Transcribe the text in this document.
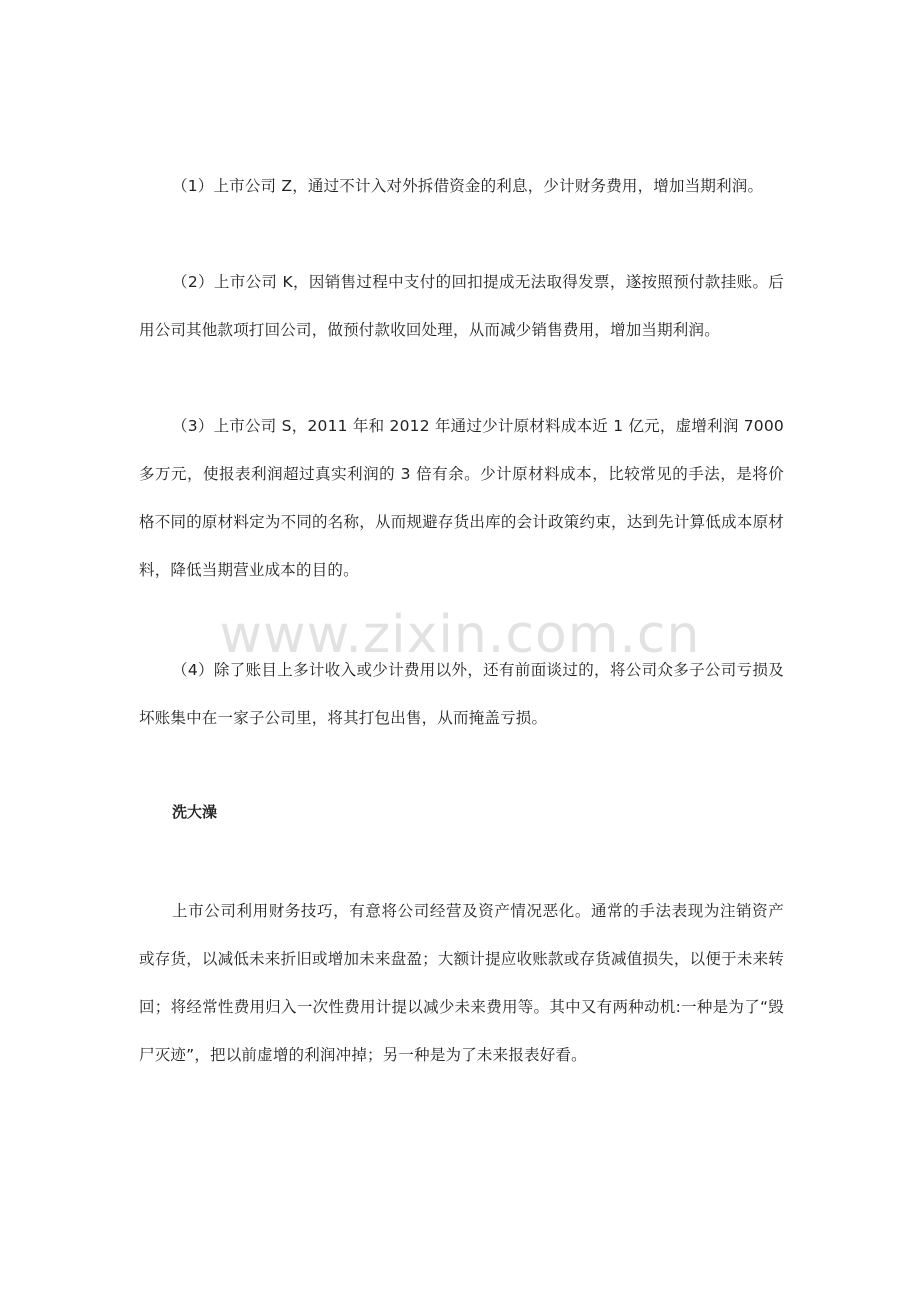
（1）上市公司 Z，通过不计入对外拆借资金的利息，少计财务费用，增加当期利润。

（2）上市公司 K，因销售过程中支付的回扣提成无法取得发票，遂按照预付款挂账。后用公司其他款项打回公司，做预付款收回处理，从而减少销售费用，增加当期利润。

（3）上市公司 S，2011 年和 2012 年通过少计原材料成本近 1 亿元，虚增利润 7000 多万元，使报表利润超过真实利润的 3 倍有余。少计原材料成本，比较常见的手法，是将价格不同的原材料定为不同的名称，从而规避存货出库的会计政策约束，达到先计算低成本原材料，降低当期营业成本的目的。

www.zixin.com.cn

（4）除了账目上多计收入或少计费用以外，还有前面谈过的，将公司众多子公司亏损及坏账集中在一家子公司里，将其打包出售，从而掩盖亏损。

洗大澡

上市公司利用财务技巧，有意将公司经营及资产情况恶化。通常的手法表现为注销资产或存货，以减低未来折旧或增加未来盘盈；大额计提应收账款或存货减值损失，以便于未来转回；将经常性费用归入一次性费用计提以减少未来费用等。其中又有两种动机:一种是为了“毁尸灭迹”，把以前虚增的利润冲掉；另一种是为了未来报表好看。
